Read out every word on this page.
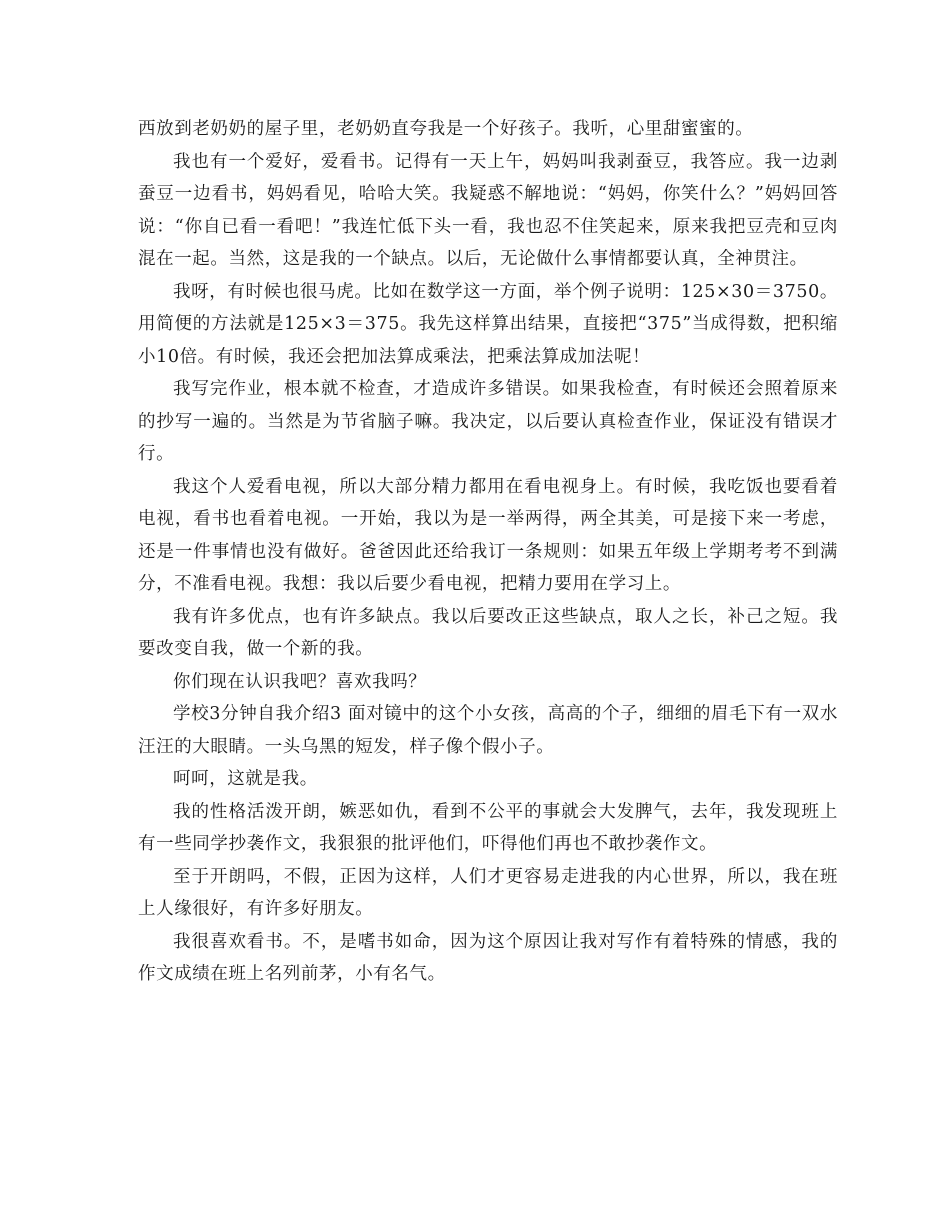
西放到老奶奶的屋子里，老奶奶直夸我是一个好孩子。我听，心里甜蜜蜜的。

我也有一个爱好，爱看书。记得有一天上午，妈妈叫我剥蚕豆，我答应。我一边剥蚕豆一边看书，妈妈看见，哈哈大笑。我疑惑不解地说：“妈妈，你笑什么？”妈妈回答说：“你自已看一看吧！”我连忙低下头一看，我也忍不住笑起来，原来我把豆壳和豆肉混在一起。当然，这是我的一个缺点。以后，无论做什么事情都要认真，全神贯注。

我呀，有时候也很马虎。比如在数学这一方面，举个例子说明：125×30＝3750。用简便的方法就是125×3＝375。我先这样算出结果，直接把“375”当成得数，把积缩小10倍。有时候，我还会把加法算成乘法，把乘法算成加法呢！

我写完作业，根本就不检查，才造成许多错误。如果我检查，有时候还会照着原来的抄写一遍的。当然是为节省脑子嘛。我决定，以后要认真检查作业，保证没有错误才行。

我这个人爱看电视，所以大部分精力都用在看电视身上。有时候，我吃饭也要看着电视，看书也看着电视。一开始，我以为是一举两得，两全其美，可是接下来一考虑，还是一件事情也没有做好。爸爸因此还给我订一条规则：如果五年级上学期考考不到满分，不准看电视。我想：我以后要少看电视，把精力要用在学习上。

我有许多优点，也有许多缺点。我以后要改正这些缺点，取人之长，补己之短。我要改变自我，做一个新的我。

你们现在认识我吧？喜欢我吗？

学校3分钟自我介绍3 面对镜中的这个小女孩，高高的个子，细细的眉毛下有一双水汪汪的大眼睛。一头乌黑的短发，样子像个假小子。

呵呵，这就是我。

我的性格活泼开朗，嫉恶如仇，看到不公平的事就会大发脾气，去年，我发现班上有一些同学抄袭作文，我狠狠的批评他们，吓得他们再也不敢抄袭作文。

至于开朗吗，不假，正因为这样，人们才更容易走进我的内心世界，所以，我在班上人缘很好，有许多好朋友。

我很喜欢看书。不，是嗜书如命，因为这个原因让我对写作有着特殊的情感，我的作文成绩在班上名列前茅，小有名气。
